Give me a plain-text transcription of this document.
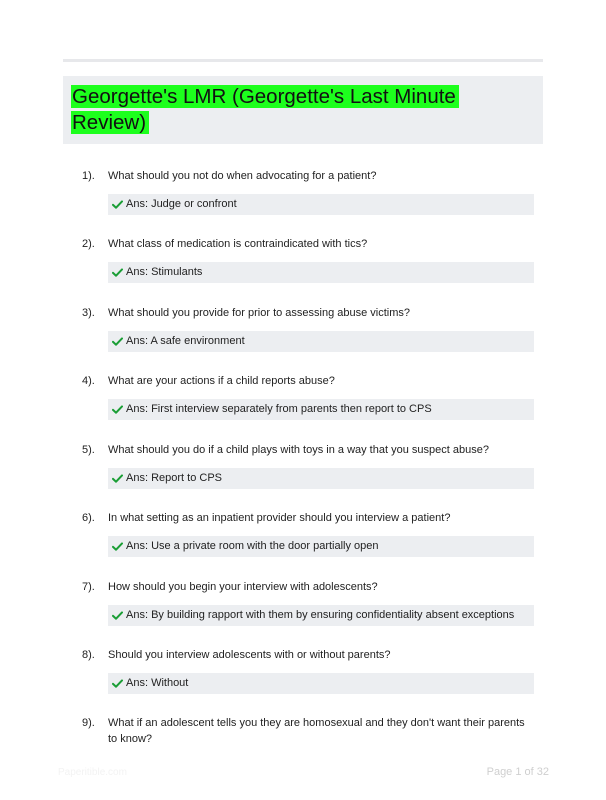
Georgette's LMR (Georgette's Last Minute Review)
1). What should you not do when advocating for a patient?
Ans: Judge or confront
2). What class of medication is contraindicated with tics?
Ans: Stimulants
3). What should you provide for prior to assessing abuse victims?
Ans: A safe environment
4). What are your actions if a child reports abuse?
Ans: First interview separately from parents then report to CPS
5). What should you do if a child plays with toys in a way that you suspect abuse?
Ans: Report to CPS
6). In what setting as an inpatient provider should you interview a patient?
Ans: Use a private room with the door partially open
7). How should you begin your interview with adolescents?
Ans: By building rapport with them by ensuring confidentiality absent exceptions
8). Should you interview adolescents with or without parents?
Ans: Without
9). What if an adolescent tells you they are homosexual and they don't want their parents to know?
Paperitible.com	Page 1 of 32
